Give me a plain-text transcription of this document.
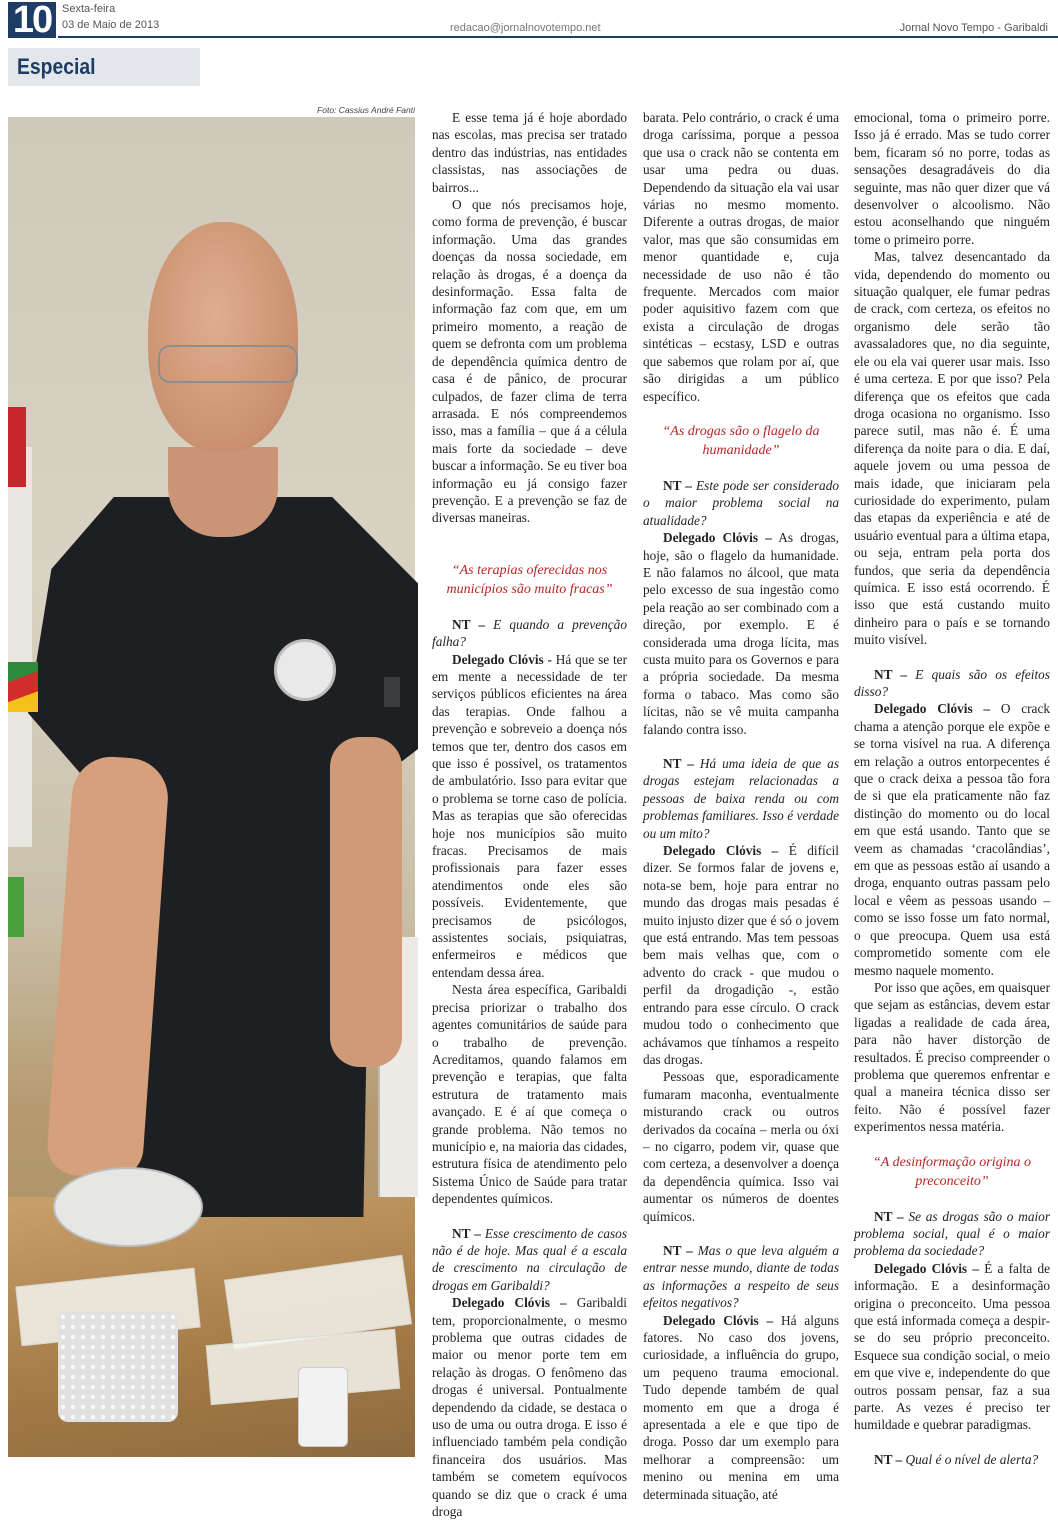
10 Sexta-feira
03 de Maio de 2013	redacao@jornalnovotempo.net	Jornal Novo Tempo - Garibaldi
Especial
Foto: Cassius André Fanti	E esse tema já é hoje abordado nas escolas, mas precisa ser tratado dentro das indústrias, nas entidades classistas, nas associações de bairros...

O que nós precisamos hoje, como forma de prevenção, é buscar informação. Uma das grandes doenças da nossa sociedade, em relação às drogas, é a doença da desinformação. Essa falta de informação faz com que, em um primeiro momento, a reação de quem se defronta com um problema de dependência química dentro de casa é de pânico, de procurar culpados, de fazer clima de terra arrasada. E nós compreendemos isso, mas a família – que á a célula mais forte da sociedade – deve buscar a informação. Se eu tiver boa informação eu já consigo fazer prevenção. E a prevenção se faz de diversas maneiras.

“As terapias oferecidas nos municípios são muito fracas”

NT – E quando a prevenção falha?

Delegado Clóvis - Há que se ter em mente a necessidade de ter serviços públicos eficientes na área das terapias. Onde falhou a prevenção e sobreveio a doença nós temos que ter, dentro dos casos em que isso é possível, os tratamentos de ambulatório. Isso para evitar que o problema se torne caso de polícia. Mas as terapias que são oferecidas hoje nos municípios são muito fracas. Precisamos de mais profissionais para fazer esses atendimentos onde eles são possíveis. Evidentemente, que precisamos de psicólogos, assistentes sociais, psiquiatras, enfermeiros e médicos que entendam dessa área.

Nesta área específica, Garibaldi precisa priorizar o trabalho dos agentes comunitários de saúde para o trabalho de prevenção. Acreditamos, quando falamos em prevenção e terapias, que falta estrutura de tratamento mais avançado. E é aí que começa o grande problema. Não temos no município e, na maioria das cidades, estrutura física de atendimento pelo Sistema Único de Saúde para tratar dependentes químicos.

NT – Esse crescimento de casos não é de hoje. Mas qual é a escala de crescimento na circulação de drogas em Garibaldi?

Delegado Clóvis – Garibaldi tem, proporcionalmente, o mesmo problema que outras cidades de maior ou menor porte tem em relação às drogas. O fenômeno das drogas é universal. Pontualmente dependendo da cidade, se destaca o uso de uma ou outra droga. E isso é influenciado também pela condição financeira dos usuários. Mas também se cometem equívocos quando se diz que o crack é uma droga

barata. Pelo contrário, o crack é uma droga caríssima, porque a pessoa que usa o crack não se contenta em usar uma pedra ou duas. Dependendo da situação ela vai usar várias no mesmo momento. Diferente a outras drogas, de maior valor, mas que são consumidas em menor quantidade e, cuja necessidade de uso não é tão frequente. Mercados com maior poder aquisitivo fazem com que exista a circulação de drogas sintéticas – ecstasy, LSD e outras que sabemos que rolam por aí, que são dirigidas a um público específico.

“As drogas são o flagelo da humanidade”

NT – Este pode ser considerado o maior problema social na atualidade?

Delegado Clóvis – As drogas, hoje, são o flagelo da humanidade. E não falamos no álcool, que mata pelo excesso de sua ingestão como pela reação ao ser combinado com a direção, por exemplo. E é considerada uma droga lícita, mas custa muito para os Governos e para a própria sociedade. Da mesma forma o tabaco. Mas como são lícitas, não se vê muita campanha falando contra isso.

NT – Há uma ideia de que as drogas estejam relacionadas a pessoas de baixa renda ou com problemas familiares. Isso é verdade ou um mito?

Delegado Clóvis – É difícil dizer. Se formos falar de jovens e, nota-se bem, hoje para entrar no mundo das drogas mais pesadas é muito injusto dizer que é só o jovem que está entrando. Mas tem pessoas bem mais velhas que, com o advento do crack - que mudou o perfil da drogadição -, estão entrando para esse círculo. O crack mudou todo o conhecimento que achávamos que tínhamos a respeito das drogas.

Pessoas que, esporadicamente fumaram maconha, eventualmente misturando crack ou outros derivados da cocaína – merla ou óxi – no cigarro, podem vir, quase que com certeza, a desenvolver a doença da dependência química. Isso vai aumentar os números de doentes químicos.

NT – Mas o que leva alguém a entrar nesse mundo, diante de todas as informações a respeito de seus efeitos negativos?

Delegado Clóvis – Há alguns fatores. No caso dos jovens, curiosidade, a influência do grupo, um pequeno trauma emocional. Tudo depende também de qual momento em que a droga é apresentada a ele e que tipo de droga. Posso dar um exemplo para melhorar a compreensão: um menino ou menina em uma determinada situação, até

emocional, toma o primeiro porre. Isso já é errado. Mas se tudo correr bem, ficaram só no porre, todas as sensações desagradáveis do dia seguinte, mas não quer dizer que vá desenvolver o alcoolismo. Não estou aconselhando que ninguém tome o primeiro porre.

Mas, talvez desencantado da vida, dependendo do momento ou situação qualquer, ele fumar pedras de crack, com certeza, os efeitos no organismo dele serão tão avassaladores que, no dia seguinte, ele ou ela vai querer usar mais. Isso é uma certeza. E por que isso? Pela diferença que os efeitos que cada droga ocasiona no organismo. Isso parece sutil, mas não é. É uma diferença da noite para o dia. E daí, aquele jovem ou uma pessoa de mais idade, que iniciaram pela curiosidade do experimento, pulam das etapas da experiência e até de usuário eventual para a última etapa, ou seja, entram pela porta dos fundos, que seria da dependência química. E isso está ocorrendo. É isso que está custando muito dinheiro para o país e se tornando muito visível.

NT – E quais são os efeitos disso?

Delegado Clóvis – O crack chama a atenção porque ele expõe e se torna visível na rua. A diferença em relação a outros entorpecentes é que o crack deixa a pessoa tão fora de si que ela praticamente não faz distinção do momento ou do local em que está usando. Tanto que se veem as chamadas ‘cracolândias’, em que as pessoas estão aí usando a droga, enquanto outras passam pelo local e vêem as pessoas usando – como se isso fosse um fato normal, o que preocupa. Quem usa está comprometido somente com ele mesmo naquele momento.

Por isso que ações, em quaisquer que sejam as estâncias, devem estar ligadas a realidade de cada área, para não haver distorção de resultados. É preciso compreender o problema que queremos enfrentar e qual a maneira técnica disso ser feito. Não é possível fazer experimentos nessa matéria.

“A desinformação origina o preconceito”

NT – Se as drogas são o maior problema social, qual é o maior problema da sociedade?

Delegado Clóvis – É a falta de informação. E a desinformação origina o preconceito. Uma pessoa que está informada começa a despir-se do seu próprio preconceito. Esquece sua condição social, o meio em que vive e, independente do que outros possam pensar, faz a sua parte. As vezes é preciso ter humildade e quebrar paradigmas.

NT – Qual é o nível de alerta?
